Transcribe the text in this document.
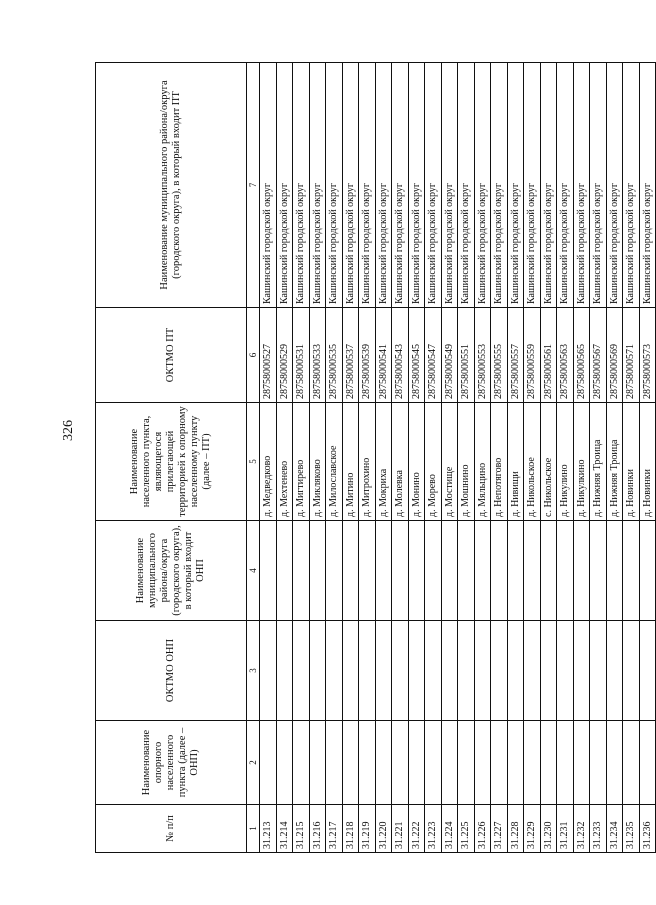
326
№ п/п	Наименование опорного населенного пункта (далее – ОНП)	ОКТМО ОНП	Наименование муниципального района/округа (городского округа), в который входит ОНП	Наименование населенного пункта, являющегося прилегающей территорией к опорному населенному пункту (далее – ПТ)	ОКТМО ПТ	Наименование муниципального района/округа (городского округа), в который входит ПТ
1	2	3	4	5	6	7
31.213				д. Медведково	28758000527	Кашинский городской округ
31.214				д. Мехтенево	28758000529	Кашинский городской округ
31.215				д. Мигтирево	28758000531	Кашинский городской округ
31.216				д. Микляково	28758000533	Кашинский городской округ
31.217				д. Милославское	28758000535	Кашинский городской округ
31.218				д. Митино	28758000537	Кашинский городской округ
31.219				д. Митрохино	28758000539	Кашинский городской округ
31.220				д. Мокриха	28758000541	Кашинский городской округ
31.221				д. Молевка	28758000543	Кашинский городской округ
31.222				д. Монино	28758000545	Кашинский городской округ
31.223				д. Морево	28758000547	Кашинский городской округ
31.224				д. Мостище	28758000549	Кашинский городской округ
31.225				д. Мошнино	28758000551	Кашинский городской округ
31.226				д. Мяльцино	28758000553	Кашинский городской округ
31.227				д. Непотягово	28758000555	Кашинский городской округ
31.228				д. Нивищи	28758000557	Кашинский городской округ
31.229				д. Никольское	28758000559	Кашинский городской округ
31.230				с. Никольское	28758000561	Кашинский городской округ
31.231				д. Никулино	28758000563	Кашинский городской округ
31.232				д. Никулкино	28758000565	Кашинский городской округ
31.233				д. Нижняя Троица	28758000567	Кашинский городской округ
31.234				д. Нижняя Троица	28758000569	Кашинский городской округ
31.235				д. Новинки	28758000571	Кашинский городской округ
31.236				д. Новинки	28758000573	Кашинский городской округ
